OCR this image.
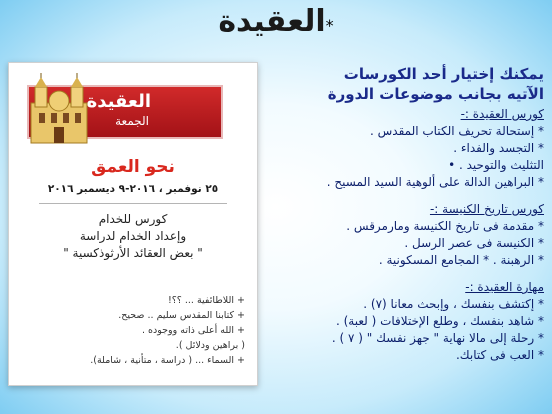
العقيدة*
العقيدة
الجمعة
نحو العمق
٢٥ نوفمبر ، ٢٠١٦-٩ ديسمبر ٢٠١٦
كورس للخدام
وإعداد الخدام لدراسة
" بعض العقائد الأرثوذكسية "
+ اللاطائفية ... ؟؟!
+ كتابنا المقدس سليم .. صحيح.
+ الله أعلى ذاته ووجوده .
( براهين ودلائل ).
+ السماء ... ( دراسة ، متأنية ، شاملة).
يمكنك إختيار أحد الكورسات
الآتيه بجانب موضوعات الدورة
كورس العقيدة :-
* إستحالة تحريف الكتاب المقدس .
* التجسد والفداء .
التثليث والتوحيد . •
* البراهين الدالة على ألوهية السيد المسيح .
كورس تاريخ الكنيسة :-
* مقدمة فى تاريخ الكنيسة ومارمرقس .
* الكنيسة فى عصر الرسل .
* الرهبنة . * المجامع المسكونية .
مهارة العقيدة :-
* إكتشف بنفسك ، وإبحث معانا (٧) .
* شاهد بنفسك ، وطلع الإختلافات ( لعبة) .
* رحلة إلى مالا نهاية " جهز نفسك " ( ٧ ) .
* العب فى كتابك.
